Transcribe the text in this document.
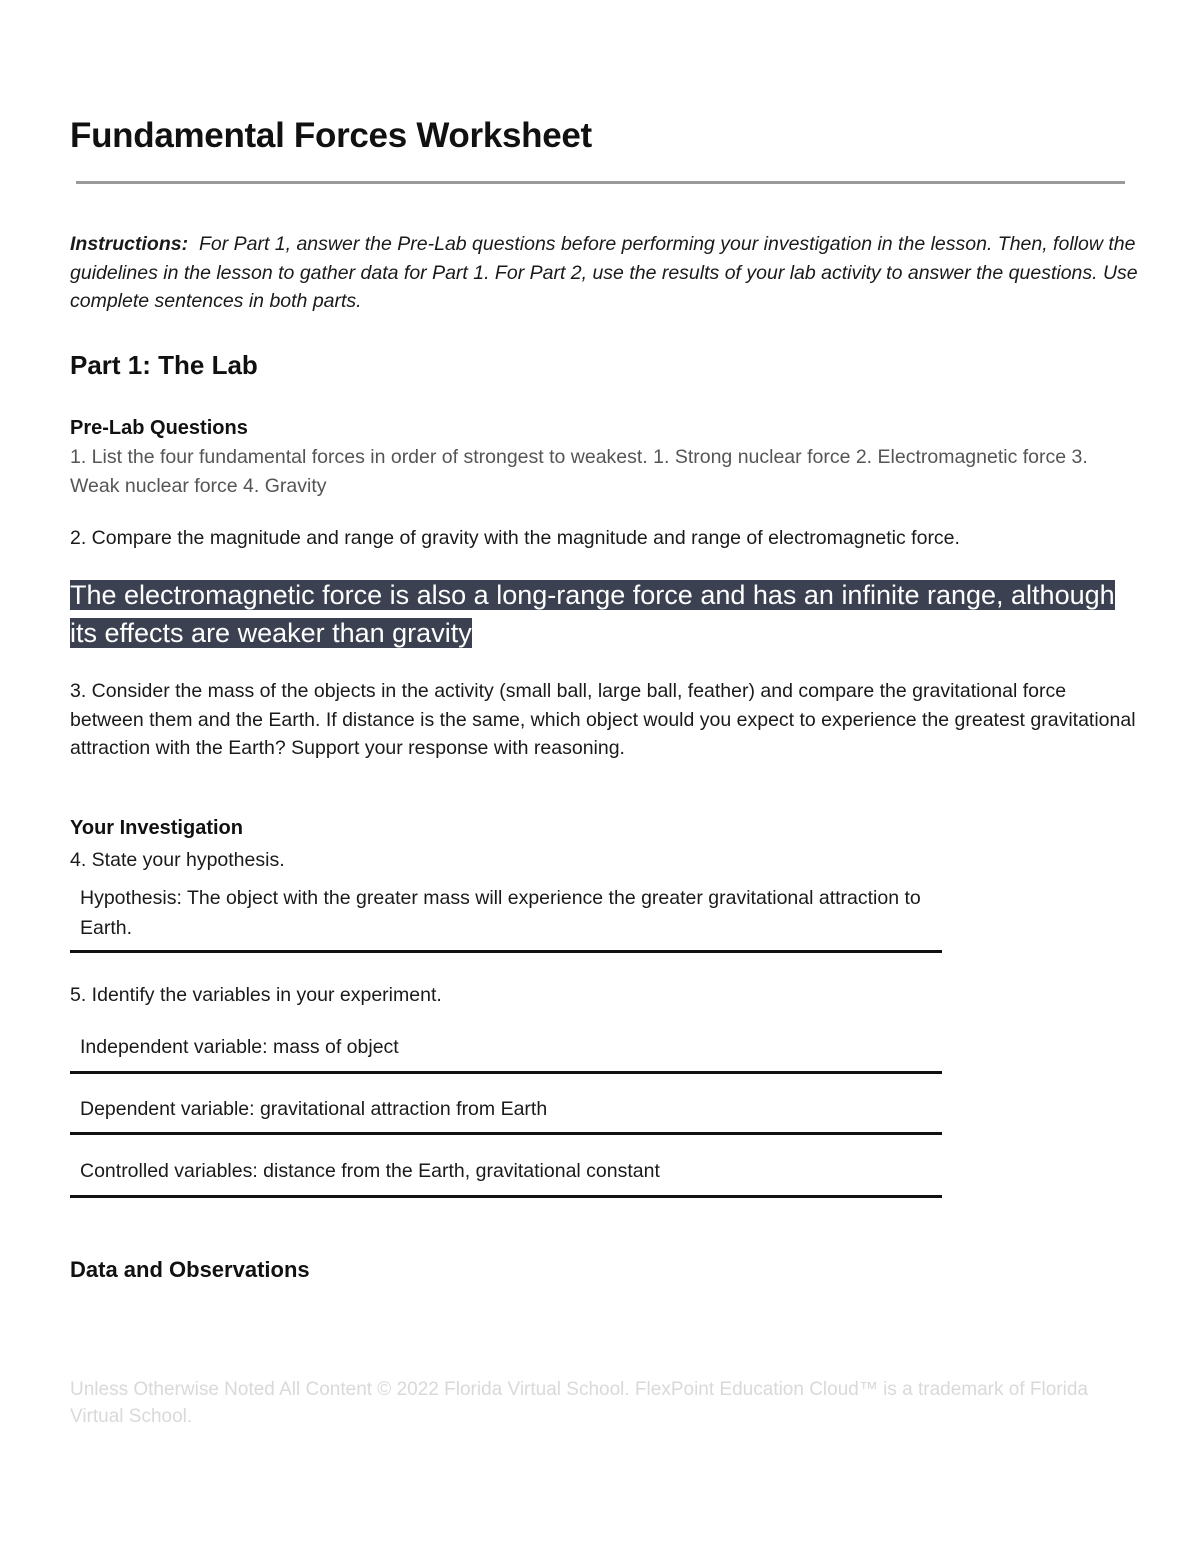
Fundamental Forces Worksheet

Instructions: For Part 1, answer the Pre-Lab questions before performing your investigation in the lesson. Then, follow the guidelines in the lesson to gather data for Part 1. For Part 2, use the results of your lab activity to answer the questions. Use complete sentences in both parts.

Part 1: The Lab
Pre-Lab Questions

1. List the four fundamental forces in order of strongest to weakest. 1. Strong nuclear force 2. Electromagnetic force 3. Weak nuclear force 4. Gravity

2. Compare the magnitude and range of gravity with the magnitude and range of electromagnetic force.

The electromagnetic force is also a long-range force and has an infinite range, although its effects are weaker than gravity

3. Consider the mass of the objects in the activity (small ball, large ball, feather) and compare the gravitational force between them and the Earth. If distance is the same, which object would you expect to experience the greatest gravitational attraction with the Earth? Support your response with reasoning.

Your Investigation

4. State your hypothesis.

Hypothesis: The object with the greater mass will experience the greater gravitational attraction to Earth.

5. Identify the variables in your experiment.

Independent variable: mass of object

Dependent variable: gravitational attraction from Earth

Controlled variables: distance from the Earth, gravitational constant

Data and Observations

Unless Otherwise Noted All Content © 2022 Florida Virtual School. FlexPoint Education Cloud™ is a trademark of Florida Virtual School.
